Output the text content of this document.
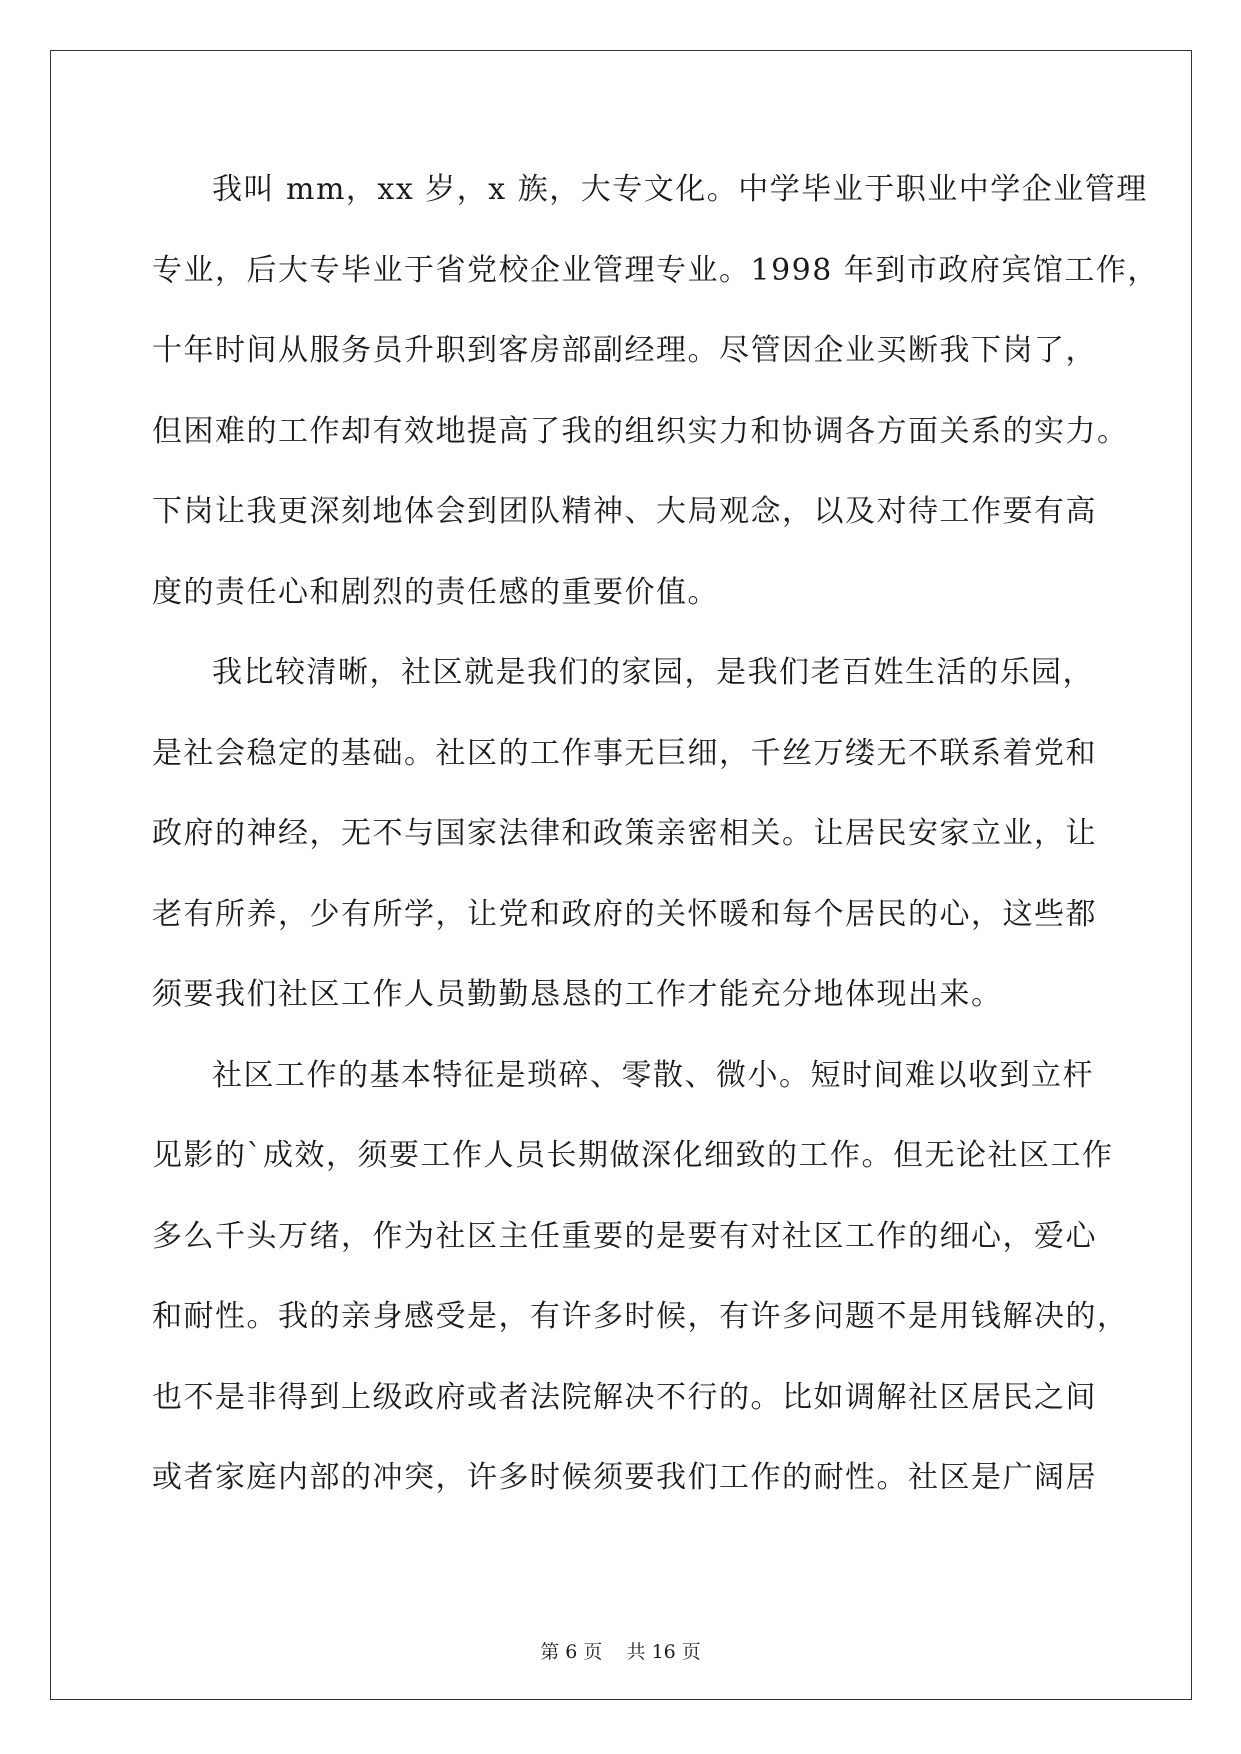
我叫 mm，xx 岁，x 族，大专文化。中学毕业于职业中学企业管理
专业，后大专毕业于省党校企业管理专业。1998 年到市政府宾馆工作，
十年时间从服务员升职到客房部副经理。尽管因企业买断我下岗了，
但困难的工作却有效地提高了我的组织实力和协调各方面关系的实力。
下岗让我更深刻地体会到团队精神、大局观念，以及对待工作要有高
度的责任心和剧烈的责任感的重要价值。
我比较清晰，社区就是我们的家园，是我们老百姓生活的乐园，
是社会稳定的基础。社区的工作事无巨细，千丝万缕无不联系着党和
政府的神经，无不与国家法律和政策亲密相关。让居民安家立业，让
老有所养，少有所学，让党和政府的关怀暖和每个居民的心，这些都
须要我们社区工作人员勤勤恳恳的工作才能充分地体现出来。
社区工作的基本特征是琐碎、零散、微小。短时间难以收到立杆
见影的`成效，须要工作人员长期做深化细致的工作。但无论社区工作
多么千头万绪，作为社区主任重要的是要有对社区工作的细心，爱心
和耐性。我的亲身感受是，有许多时候，有许多问题不是用钱解决的，
也不是非得到上级政府或者法院解决不行的。比如调解社区居民之间
或者家庭内部的冲突，许多时候须要我们工作的耐性。社区是广阔居
第 6 页    共 16 页
